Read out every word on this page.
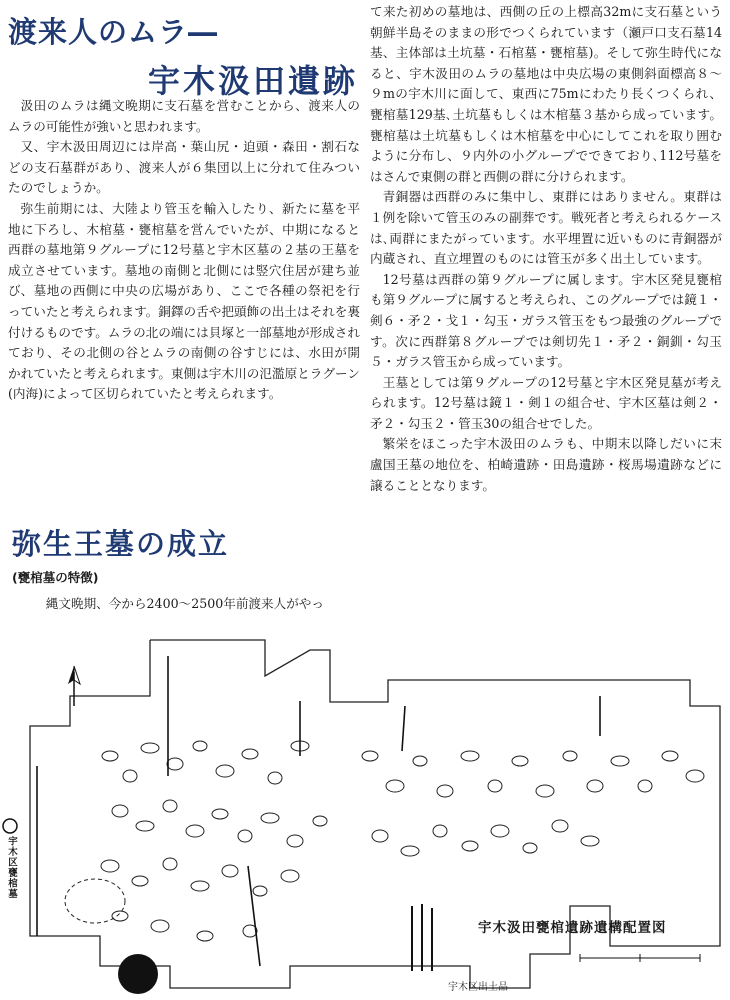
渡来人のムラ―
宇木汲田遺跡

汲田のムラは縄文晩期に支石墓を営むことから、渡来人のムラの可能性が強いと思われます。

又、宇木汲田周辺には岸高・葉山尻・迫頭・森田・割石などの支石墓群があり、渡来人が６集団以上に分れて住みついたのでしょうか。

弥生前期には、大陸より管玉を輸入したり、新たに墓を平地に下ろし、木棺墓・甕棺墓を営んでいたが、中期になると西群の墓地第９グループに12号墓と宇木区墓の２基の王墓を成立させています。墓地の南側と北側には竪穴住居が建ち並び、墓地の西側に中央の広場があり、ここで各種の祭祀を行っていたと考えられます。銅鐸の舌や把頭飾の出土はそれを裏付けるものです。ムラの北の端には貝塚と一部墓地が形成されており、その北側の谷とムラの南側の谷すじには、水田が開かれていたと考えられます。東側は宇木川の氾濫原とラグーン(内海)によって区切られていたと考えられます。

弥生王墓の成立
(甕棺墓の特徴)
縄文晩期、今から2400～2500年前渡来人がやっ

て来た初めの墓地は、西側の丘の上標高32mに支石墓という朝鮮半島そのままの形でつくられています（瀬戸口支石墓14基、主体部は土坑墓・石棺墓・甕棺墓)。そして弥生時代になると、宇木汲田のムラの墓地は中央広場の東側斜面標高８～９mの宇木川に面して、東西に75mにわたり長くつくられ、甕棺墓129基､土坑墓もしくは木棺墓３基から成っています。甕棺墓は土坑墓もしくは木棺墓を中心にしてこれを取り囲むように分布し、９内外の小グループでできており､112号墓をはさんで東側の群と西側の群に分けられます。

青銅器は西群のみに集中し、東群にはありません。東群は１例を除いて管玉のみの副葬です。戦死者と考えられるケースは､両群にまたがっています。水平埋置に近いものに青銅器が内蔵され、直立埋置のものには管玉が多く出土しています。

12号墓は西群の第９グループに属します。宇木区発見甕棺も第９グループに属すると考えられ、このグループでは鏡１・剣６・矛２・戈１・勾玉・ガラス管玉をもつ最強のグループです。次に西群第８グループでは剣切先１・矛２・銅釧・勾玉５・ガラス管玉から成っています。

王墓としては第９グループの12号墓と宇木区発見墓が考えられます。12号墓は鏡１・剣１の組合せ、宇木区墓は剣２・矛２・勾玉２・管玉30の組合せでした。

繁栄をほこった宇木汲田のムラも、中期末以降しだいに末盧国王墓の地位を、柏崎遺跡・田島遺跡・桜馬場遺跡などに譲ることとなります。

宇木区甕棺墓
宇木汲田甕棺遺跡遺構配置図
宇木区出土品
